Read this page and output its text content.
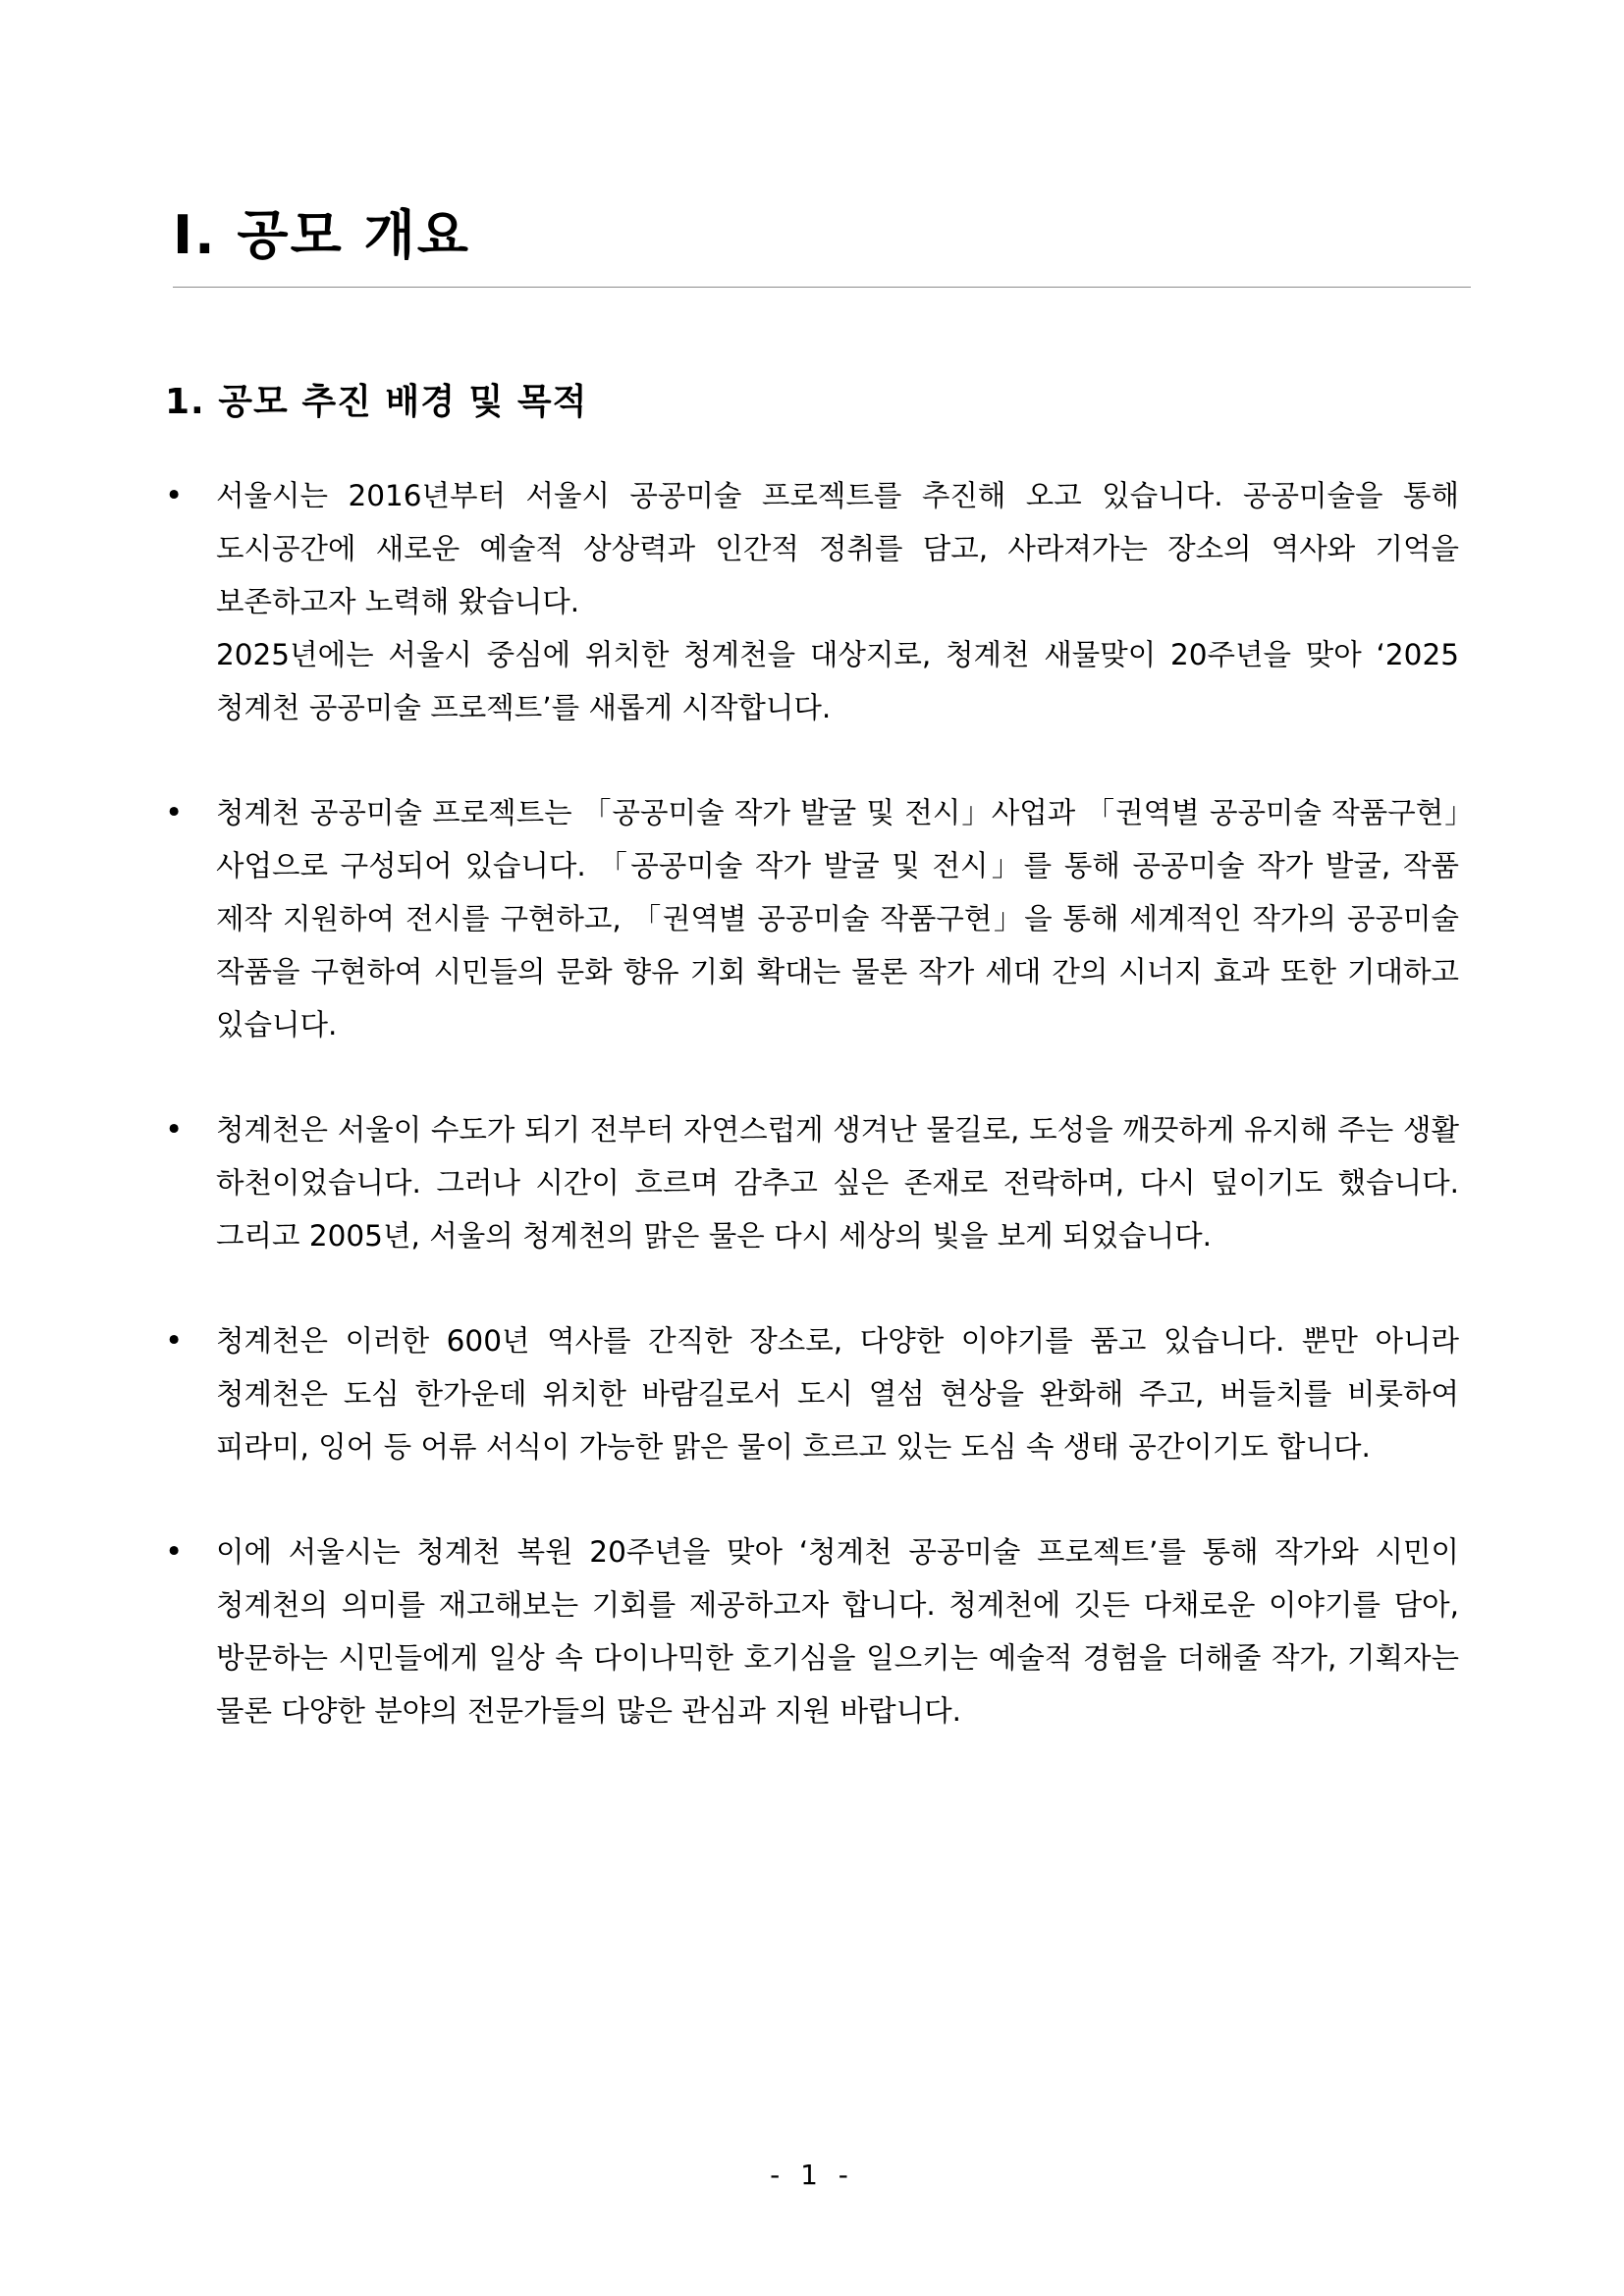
I. 공모 개요
1. 공모 추진 배경 및 목적
• 서울시는 2016년부터 서울시 공공미술 프로젝트를 추진해 오고 있습니다. 공공미술을 통해 도시공간에 새로운 예술적 상상력과 인간적 정취를 담고, 사라져가는 장소의 역사와 기억을 보존하고자 노력해 왔습니다.

2025년에는 서울시 중심에 위치한 청계천을 대상지로, 청계천 새물맞이 20주년을 맞아 ‘2025 청계천 공공미술 프로젝트’를 새롭게 시작합니다.

• 청계천 공공미술 프로젝트는 「공공미술 작가 발굴 및 전시」사업과 「권역별 공공미술 작품구현」사업으로 구성되어 있습니다. 「공공미술 작가 발굴 및 전시」를 통해 공공미술 작가 발굴, 작품 제작 지원하여 전시를 구현하고, 「권역별 공공미술 작품구현」을 통해 세계적인 작가의 공공미술 작품을 구현하여 시민들의 문화 향유 기회 확대는 물론 작가 세대 간의 시너지 효과 또한 기대하고 있습니다.

• 청계천은 서울이 수도가 되기 전부터 자연스럽게 생겨난 물길로, 도성을 깨끗하게 유지해 주는 생활 하천이었습니다. 그러나 시간이 흐르며 감추고 싶은 존재로 전락하며, 다시 덮이기도 했습니다. 그리고 2005년, 서울의 청계천의 맑은 물은 다시 세상의 빛을 보게 되었습니다.

• 청계천은 이러한 600년 역사를 간직한 장소로, 다양한 이야기를 품고 있습니다. 뿐만 아니라 청계천은 도심 한가운데 위치한 바람길로서 도시 열섬 현상을 완화해 주고, 버들치를 비롯하여 피라미, 잉어 등 어류 서식이 가능한 맑은 물이 흐르고 있는 도심 속 생태 공간이기도 합니다.

• 이에 서울시는 청계천 복원 20주년을 맞아 ‘청계천 공공미술 프로젝트’를 통해 작가와 시민이 청계천의 의미를 재고해보는 기회를 제공하고자 합니다. 청계천에 깃든 다채로운 이야기를 담아, 방문하는 시민들에게 일상 속 다이나믹한 호기심을 일으키는 예술적 경험을 더해줄 작가, 기획자는 물론 다양한 분야의 전문가들의 많은 관심과 지원 바랍니다.

- 1 -
